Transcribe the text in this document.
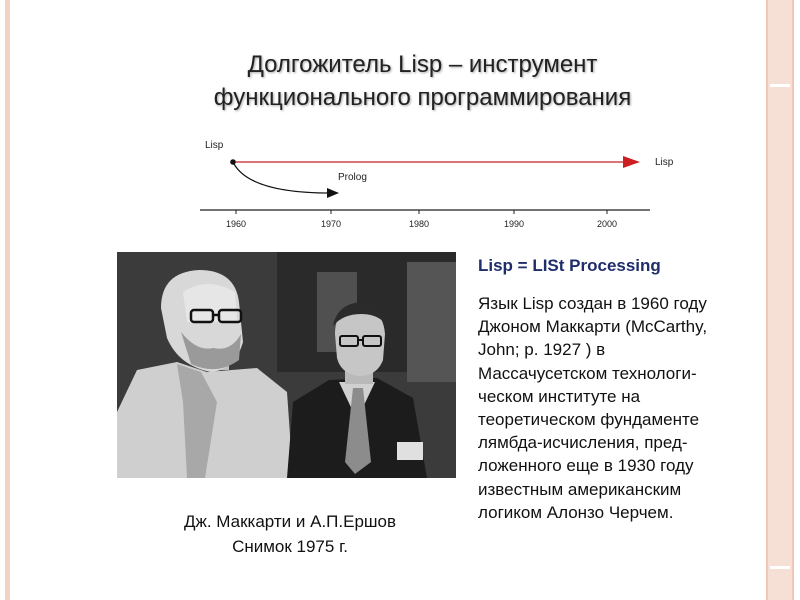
Долгожитель Lisp – инструмент
функционального программирования
Lisp
Lisp
Prolog
1960	1970	1980	1990	2000
Дж. Маккарти и А.П.Ершов
Снимок 1975 г.
Lisp = LISt Processing
Язык Lisp создан в 1960 году
Джоном Маккарти (McCarthy,
John; р. 1927 ) в
Массачусетском технологи-
ческом институте на
теоретическом фундаменте
лямбда-исчисления, пред-
ложенного еще в 1930 году
известным американским
логиком Алонзо Черчем.
